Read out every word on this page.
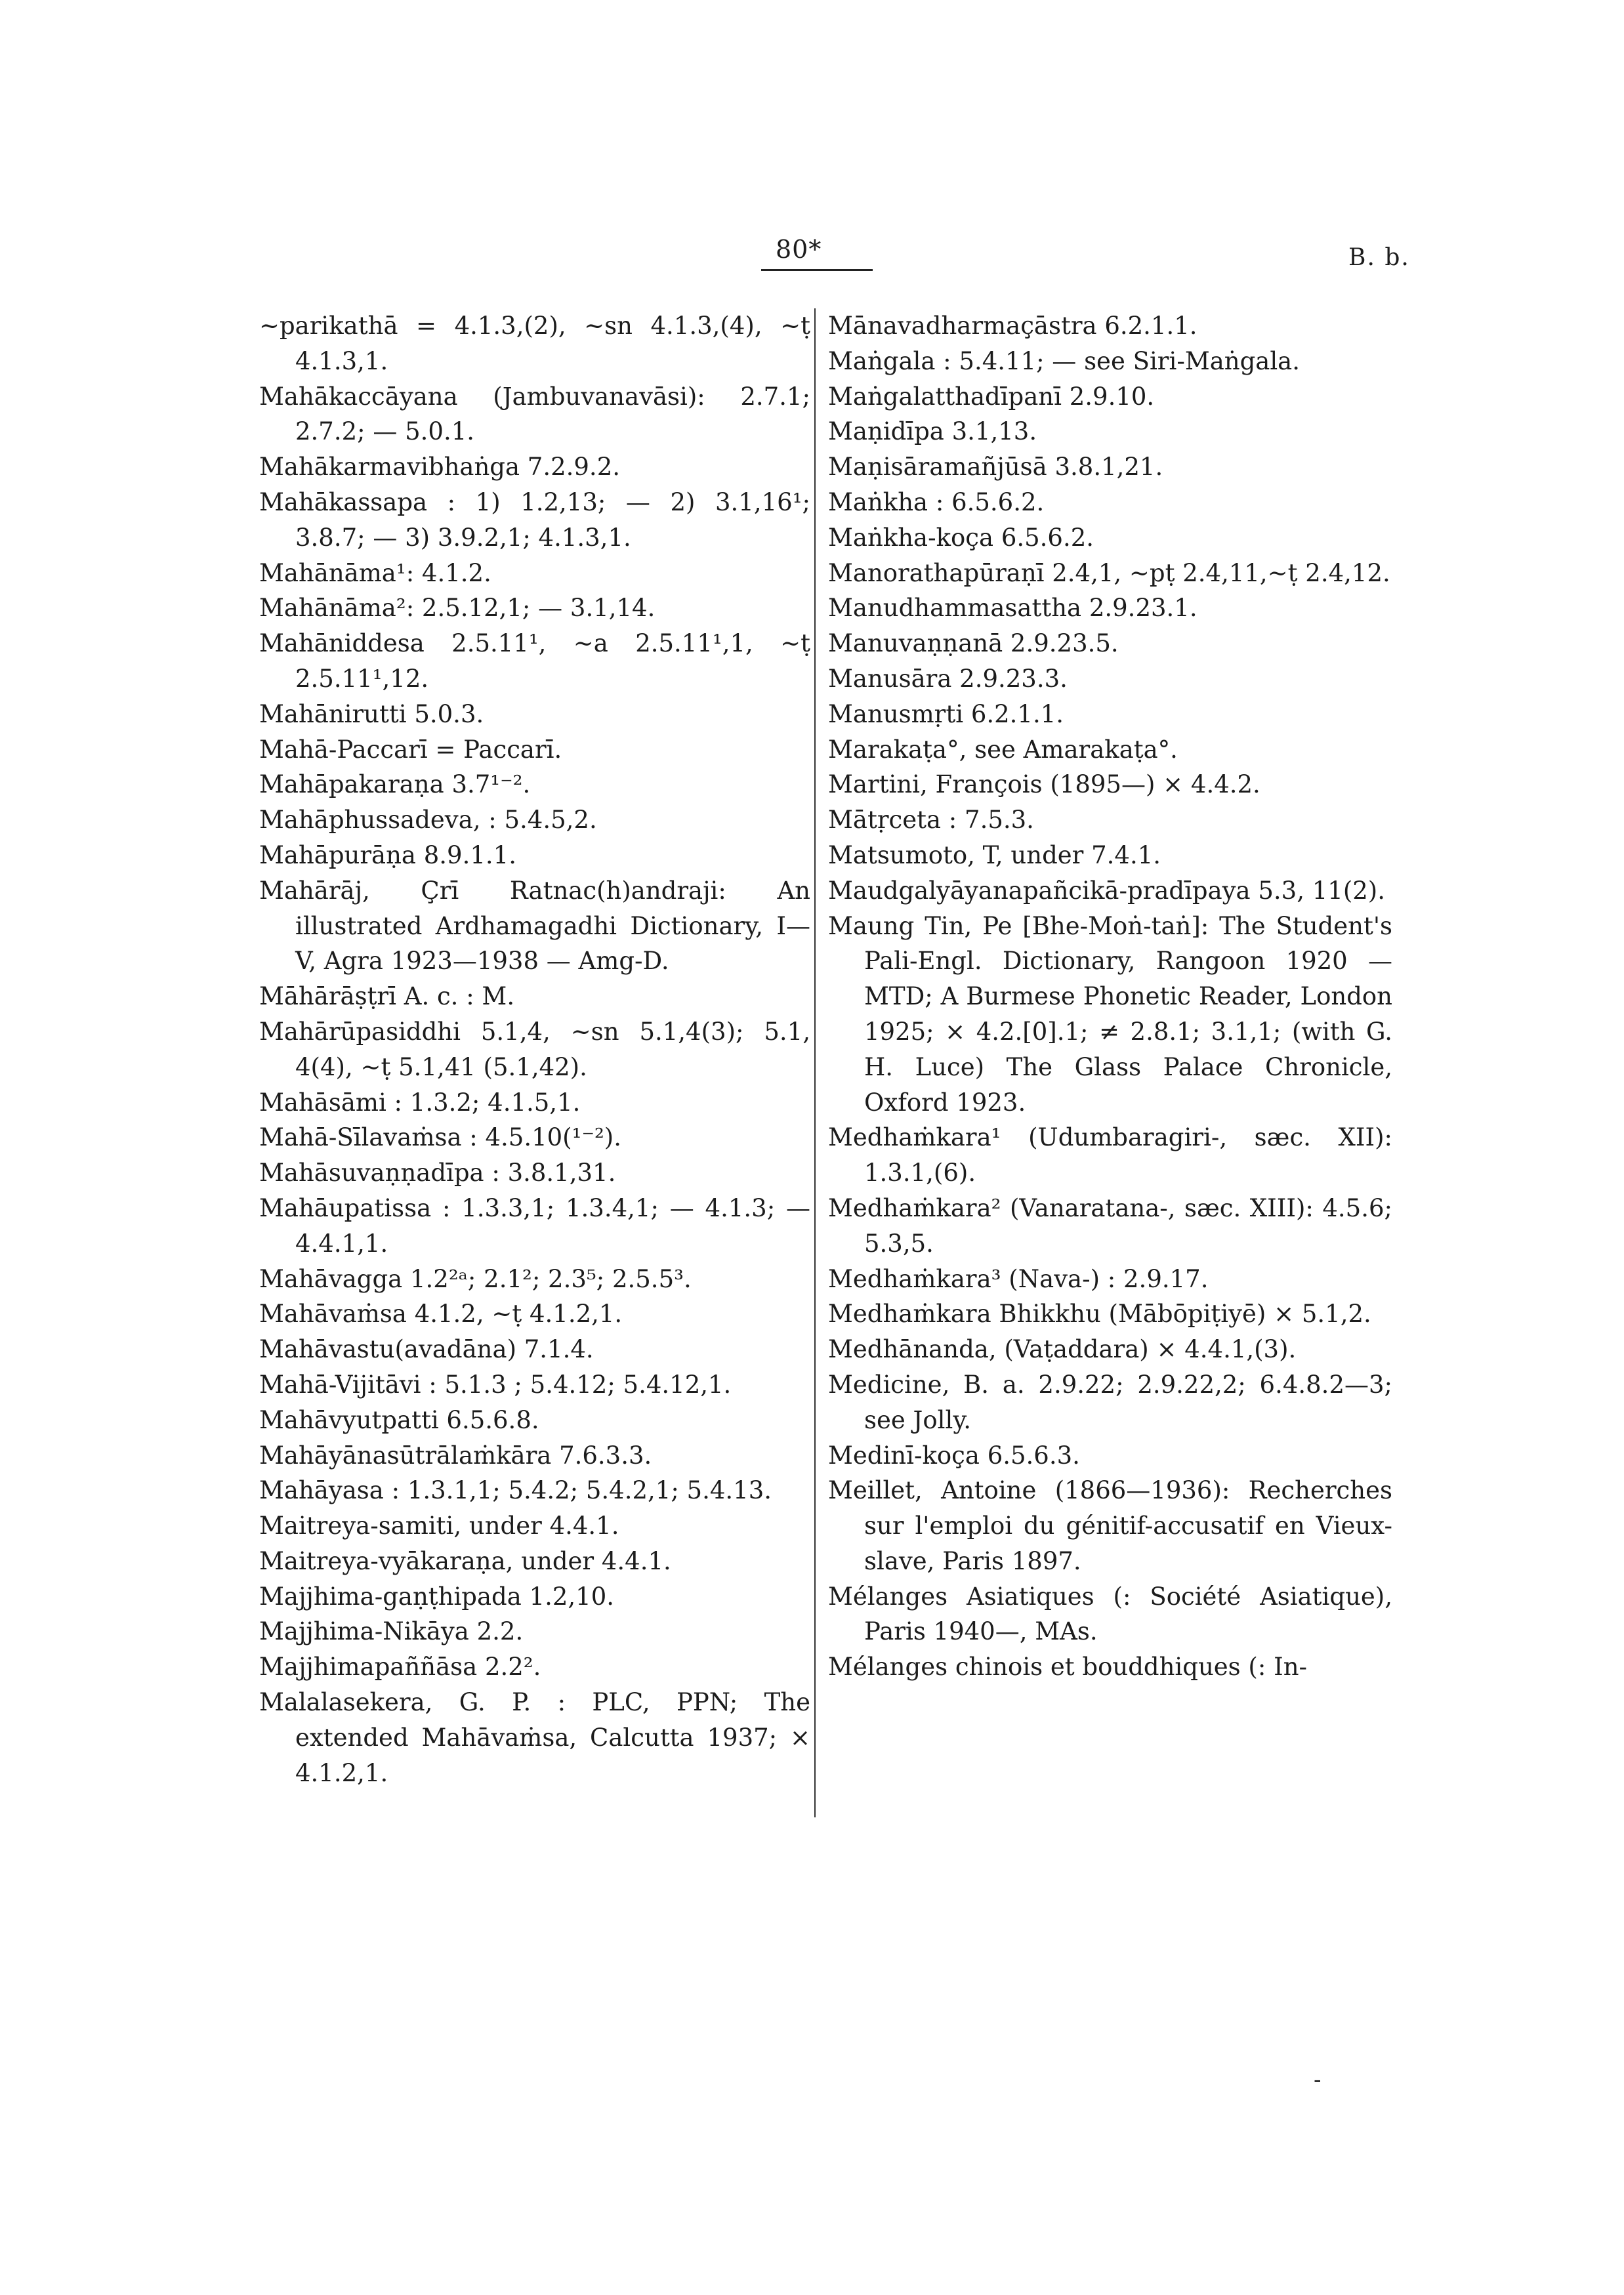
80*	B. b.
~parikathā = 4.1.3,(2), ~sn 4.1.3,(4), ~ṭ 4.1.3,1.
Mahākaccāyana (Jambuvanavāsi): 2.7.1; 2.7.2; — 5.0.1.
Mahākarmavibhaṅga 7.2.9.2.
Mahākassapa : 1) 1.2,13; — 2) 3.1,16¹; 3.8.7; — 3) 3.9.2,1; 4.1.3,1.
Mahānāma¹: 4.1.2.
Mahānāma²: 2.5.12,1; — 3.1,14.
Mahāniddesa 2.5.11¹, ~a 2.5.11¹,1, ~ṭ 2.5.11¹,12.
Mahānirutti 5.0.3.
Mahā-Paccarī = Paccarī.
Mahāpakaraṇa 3.7¹⁻².
Mahāphussadeva, : 5.4.5,2.
Mahāpurāṇa 8.9.1.1.
Mahārāj, Çrī Ratnac(h)andraji: An illustrated Ardhamagadhi Dictionary, I—V, Agra 1923—1938 — Amg-D.
Māhārāṣṭrī A. c. : M.
Mahārūpasiddhi 5.1,4, ~sn 5.1,4(3); 5.1, 4(4), ~ṭ 5.1,41 (5.1,42).
Mahāsāmi : 1.3.2; 4.1.5,1.
Mahā-Sīlavaṁsa : 4.5.10(¹⁻²).
Mahāsuvaṇṇadīpa : 3.8.1,31.
Mahāupatissa : 1.3.3,1; 1.3.4,1; — 4.1.3; — 4.4.1,1.
Mahāvagga 1.2²ᵃ; 2.1²; 2.3⁵; 2.5.5³.
Mahāvaṁsa 4.1.2, ~ṭ 4.1.2,1.
Mahāvastu(avadāna) 7.1.4.
Mahā-Vijitāvi : 5.1.3 ; 5.4.12; 5.4.12,1.
Mahāvyutpatti 6.5.6.8.
Mahāyānasūtrālaṁkāra 7.6.3.3.
Mahāyasa : 1.3.1,1; 5.4.2; 5.4.2,1; 5.4.13.
Maitreya-samiti, under 4.4.1.
Maitreya-vyākaraṇa, under 4.4.1.
Majjhima-gaṇṭhipada 1.2,10.
Majjhima-Nikāya 2.2.
Majjhimapaññāsa 2.2².
Malalasekera, G. P. : PLC, PPN; The extended Mahāvaṁsa, Calcutta 1937; × 4.1.2,1.
Mānavadharmaçāstra 6.2.1.1.
Maṅgala : 5.4.11; — see Siri-Maṅgala.
Maṅgalatthadīpanī 2.9.10.
Maṇidīpa 3.1,13.
Maṇisāramañjūsā 3.8.1,21.
Maṅkha : 6.5.6.2.
Maṅkha-koça 6.5.6.2.
Manorathapūraṇī 2.4,1, ~pṭ 2.4,11,~ṭ 2.4,12.
Manudhammasattha 2.9.23.1.
Manuvaṇṇanā 2.9.23.5.
Manusāra 2.9.23.3.
Manusmṛti 6.2.1.1.
Marakaṭa°, see Amarakaṭa°.
Martini, François (1895—) × 4.4.2.
Mātṛceta : 7.5.3.
Matsumoto, T, under 7.4.1.
Maudgalyāyanapañcikā-pradīpaya 5.3, 11(2).
Maung Tin, Pe [Bhe-Moṅ-taṅ]: The Student's Pali-Engl. Dictionary, Rangoon 1920 — MTD; A Burmese Phonetic Reader, London 1925; × 4.2.[0].1; ≠ 2.8.1; 3.1,1; (with G. H. Luce) The Glass Palace Chronicle, Oxford 1923.
Medhaṁkara¹ (Udumbaragiri-, sæc. XII): 1.3.1,(6).
Medhaṁkara² (Vanaratana-, sæc. XIII): 4.5.6; 5.3,5.
Medhaṁkara³ (Nava-) : 2.9.17.
Medhaṁkara Bhikkhu (Mābōpiṭiyē) × 5.1,2.
Medhānanda, (Vaṭaddara) × 4.4.1,(3).
Medicine, B. a. 2.9.22; 2.9.22,2; 6.4.8.2—3; see Jolly.
Medinī-koça 6.5.6.3.
Meillet, Antoine (1866—1936): Recherches sur l'emploi du génitif-accusatif en Vieux-slave, Paris 1897.
Mélanges Asiatiques (: Société Asiatique), Paris 1940—, MAs.
Mélanges chinois et bouddhiques (: In-
-
